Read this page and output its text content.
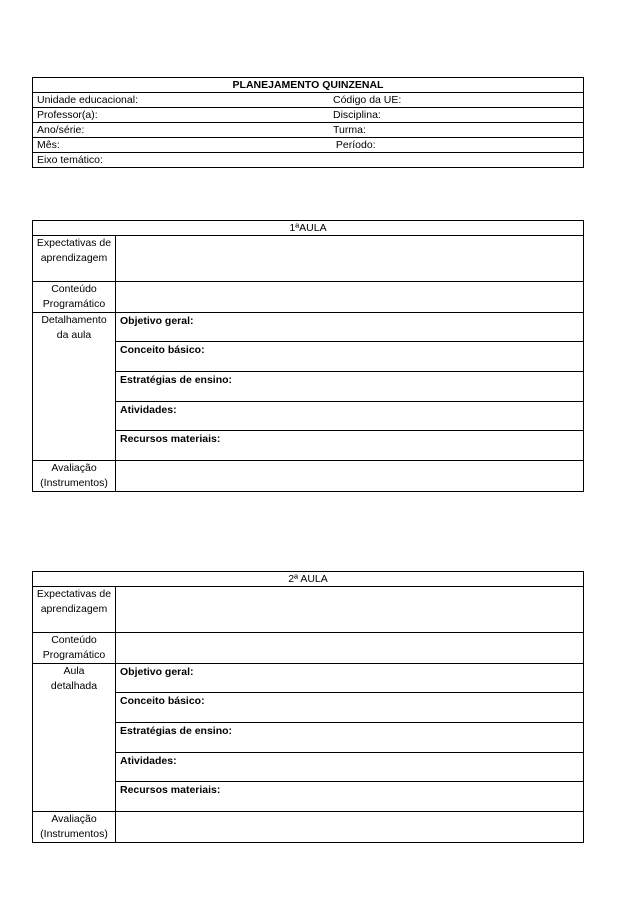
PLANEJAMENTO QUINZENAL

Unidade educacional:	Código da UE:

Professor(a):	Disciplina:

Ano/série:	Turma:

Mês:	Período:

Eixo temático:
1ªAULA	
Expectativas de aprendizagem	
Conteúdo Programático	
Detalhamento da aula	Objetivo geral:
Conceito básico:
Estratégias de ensino:
Atividades:
Recursos materiais:

Avaliação (Instrumentos)	
2ª AULA	
Expectativas de aprendizagem	
Conteúdo Programático	
Aula detalhada	Objetivo geral:
Conceito básico:
Estratégias de ensino:
Atividades:
Recursos materiais:

Avaliação (Instrumentos)	
